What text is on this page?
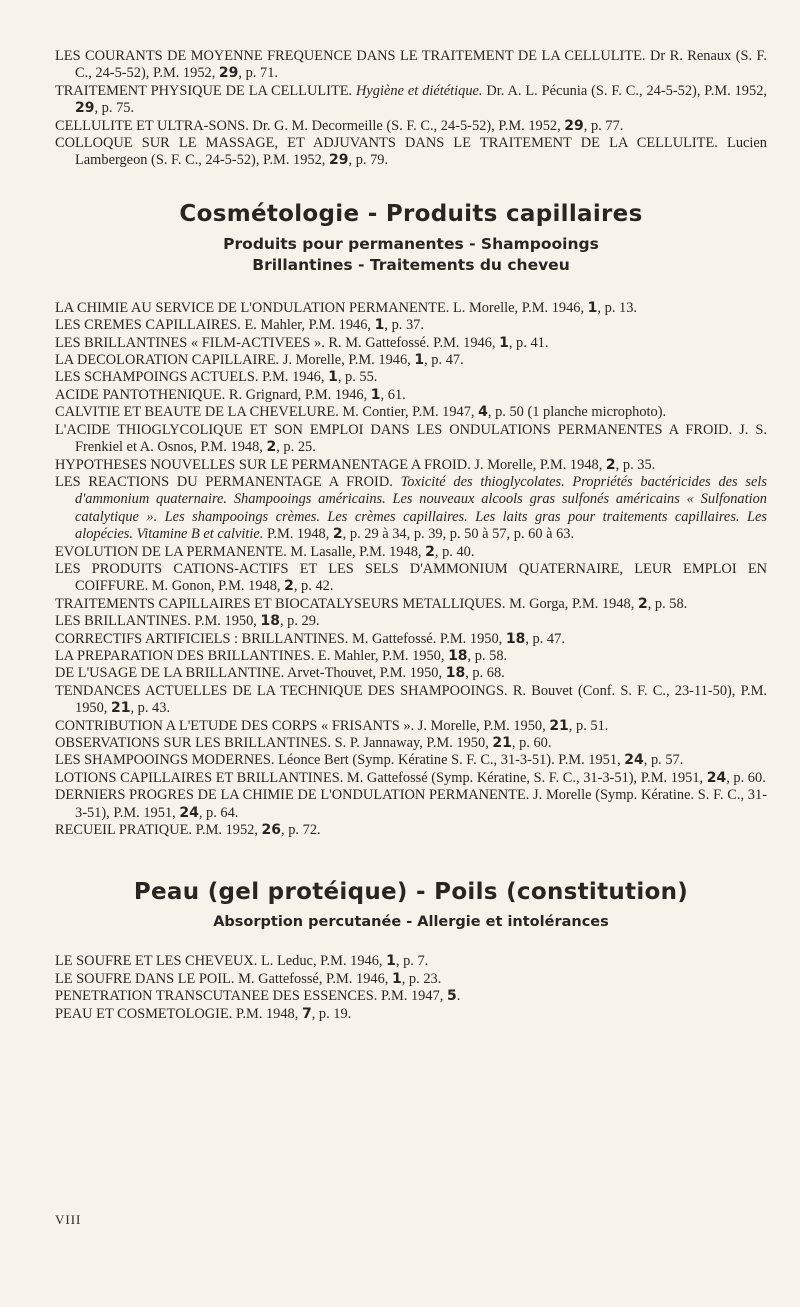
LES COURANTS DE MOYENNE FREQUENCE DANS LE TRAITEMENT DE LA CELLULITE. Dr R. Renaux (S. F. C., 24-5-52), P.M. 1952, 29, p. 71.

TRAITEMENT PHYSIQUE DE LA CELLULITE. Hygiène et diététique. Dr. A. L. Pécunia (S. F. C., 24-5-52), P.M. 1952, 29, p. 75.

CELLULITE ET ULTRA-SONS. Dr. G. M. Decormeille (S. F. C., 24-5-52), P.M. 1952, 29, p. 77.

COLLOQUE SUR LE MASSAGE, ET ADJUVANTS DANS LE TRAITEMENT DE LA CELLULITE. Lucien Lambergeon (S. F. C., 24-5-52), P.M. 1952, 29, p. 79.

Cosmétologie - Produits capillaires

Produits pour permanentes - Shampooings

Brillantines - Traitements du cheveu

LA CHIMIE AU SERVICE DE L'ONDULATION PERMANENTE. L. Morelle, P.M. 1946, 1, p. 13.

LES CREMES CAPILLAIRES. E. Mahler, P.M. 1946, 1, p. 37.

LES BRILLANTINES « FILM-ACTIVEES ». R. M. Gattefossé. P.M. 1946, 1, p. 41.

LA DECOLORATION CAPILLAIRE. J. Morelle, P.M. 1946, 1, p. 47.

LES SCHAMPOINGS ACTUELS. P.M. 1946, 1, p. 55.

ACIDE PANTOTHENIQUE. R. Grignard, P.M. 1946, 1, 61.

CALVITIE ET BEAUTE DE LA CHEVELURE. M. Contier, P.M. 1947, 4, p. 50 (1 planche microphoto).

L'ACIDE THIOGLYCOLIQUE ET SON EMPLOI DANS LES ONDULATIONS PERMANENTES A FROID. J. S. Frenkiel et A. Osnos, P.M. 1948, 2, p. 25.

HYPOTHESES NOUVELLES SUR LE PERMANENTAGE A FROID. J. Morelle, P.M. 1948, 2, p. 35.

LES REACTIONS DU PERMANENTAGE A FROID. Toxicité des thioglycolates. Propriétés bactéricides des sels d'ammonium quaternaire. Shampooings américains. Les nouveaux alcools gras sulfonés américains « Sulfonation catalytique ». Les shampooings crèmes. Les crèmes capillaires. Les laits gras pour traitements capillaires. Les alopécies. Vitamine B et calvitie. P.M. 1948, 2, p. 29 à 34, p. 39, p. 50 à 57, p. 60 à 63.

EVOLUTION DE LA PERMANENTE. M. Lasalle, P.M. 1948, 2, p. 40.

LES PRODUITS CATIONS-ACTIFS ET LES SELS D'AMMONIUM QUATERNAIRE, LEUR EMPLOI EN COIFFURE. M. Gonon, P.M. 1948, 2, p. 42.

TRAITEMENTS CAPILLAIRES ET BIOCATALYSEURS METALLIQUES. M. Gorga, P.M. 1948, 2, p. 58.

LES BRILLANTINES. P.M. 1950, 18, p. 29.

CORRECTIFS ARTIFICIELS : BRILLANTINES. M. Gattefossé. P.M. 1950, 18, p. 47.

LA PREPARATION DES BRILLANTINES. E. Mahler, P.M. 1950, 18, p. 58.

DE L'USAGE DE LA BRILLANTINE. Arvet-Thouvet, P.M. 1950, 18, p. 68.

TENDANCES ACTUELLES DE LA TECHNIQUE DES SHAMPOOINGS. R. Bouvet (Conf. S. F. C., 23-11-50), P.M. 1950, 21, p. 43.

CONTRIBUTION A L'ETUDE DES CORPS « FRISANTS ». J. Morelle, P.M. 1950, 21, p. 51.

OBSERVATIONS SUR LES BRILLANTINES. S. P. Jannaway, P.M. 1950, 21, p. 60.

LES SHAMPOOINGS MODERNES. Léonce Bert (Symp. Kératine S. F. C., 31-3-51). P.M. 1951, 24, p. 57.

LOTIONS CAPILLAIRES ET BRILLANTINES. M. Gattefossé (Symp. Kératine, S. F. C., 31-3-51), P.M. 1951, 24, p. 60.

DERNIERS PROGRES DE LA CHIMIE DE L'ONDULATION PERMANENTE. J. Morelle (Symp. Kératine. S. F. C., 31-3-51), P.M. 1951, 24, p. 64.

RECUEIL PRATIQUE. P.M. 1952, 26, p. 72.

Peau (gel protéique) - Poils (constitution)

Absorption percutanée - Allergie et intolérances

LE SOUFRE ET LES CHEVEUX. L. Leduc, P.M. 1946, 1, p. 7.

LE SOUFRE DANS LE POIL. M. Gattefossé, P.M. 1946, 1, p. 23.

PENETRATION TRANSCUTANEE DES ESSENCES. P.M. 1947, 5.

PEAU ET COSMETOLOGIE. P.M. 1948, 7, p. 19.

VIII
